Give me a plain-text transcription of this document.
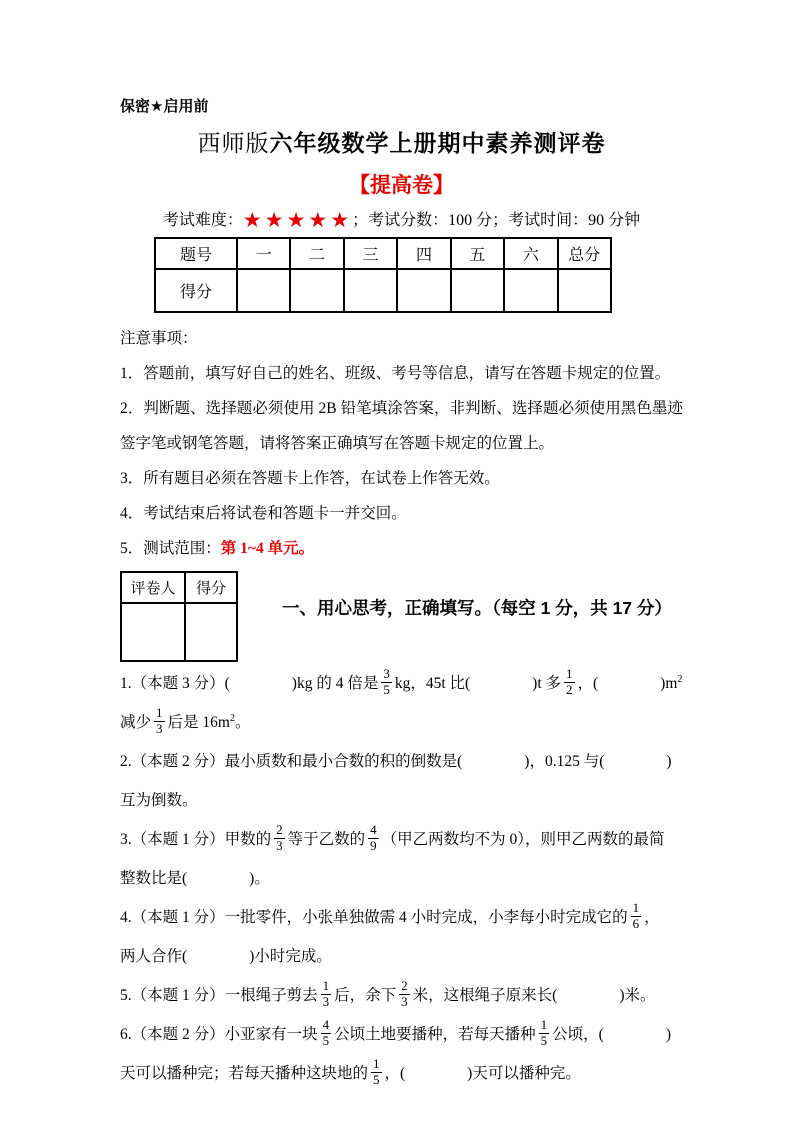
保密★启用前
西师版六年级数学上册期中素养测评卷
【提高卷】
考试难度：★★★★★；考试分数：100 分；考试时间：90 分钟
题号	一	二	三	四	五	六	总分
得分							
注意事项：
1．答题前，填写好自己的姓名、班级、考号等信息，请写在答题卡规定的位置。
2．判断题、选择题必须使用 2B 铅笔填涂答案，非判断、选择题必须使用黑色墨迹签字笔或钢笔答题，请将答案正确填写在答题卡规定的位置上。
3．所有题目必须在答题卡上作答，在试卷上作答无效。
4．考试结束后将试卷和答题卡一并交回。
5．测试范围：第 1~4 单元。
评卷人	得分

一、用心思考，正确填写。（每空 1 分，共 17 分）
1.（本题 3 分）(　　　　)kg 的 4 倍是 $\frac{3}{5}$ kg，45t 比(　　　　)t 多 $\frac{1}{2}$ ，(　　　　)$m^2$
减少 $\frac{1}{3}$ 后是 $16m^2$。
2.（本题 2 分）最小质数和最小合数的积的倒数是(　　　　)，0.125 与(　　　　)
互为倒数。
3.（本题 1 分）甲数的 $\frac{2}{3}$ 等于乙数的 $\frac{4}{9}$ （甲乙两数均不为 0），则甲乙两数的最简
整数比是(　　　　)。
4.（本题 1 分）一批零件，小张单独做需 4 小时完成，小李每小时完成它的 $\frac{1}{6}$ ，
两人合作(　　　　)小时完成。
5.（本题 1 分）一根绳子剪去 $\frac{1}{3}$ 后，余下 $\frac{2}{3}$ 米，这根绳子原来长(　　　　)米。
6.（本题 2 分）小亚家有一块 $\frac{4}{5}$ 公顷土地要播种，若每天播种 $\frac{1}{5}$ 公顷，(　　　　)
天可以播种完；若每天播种这块地的 $\frac{1}{5}$ ，(　　　　)天可以播种完。
